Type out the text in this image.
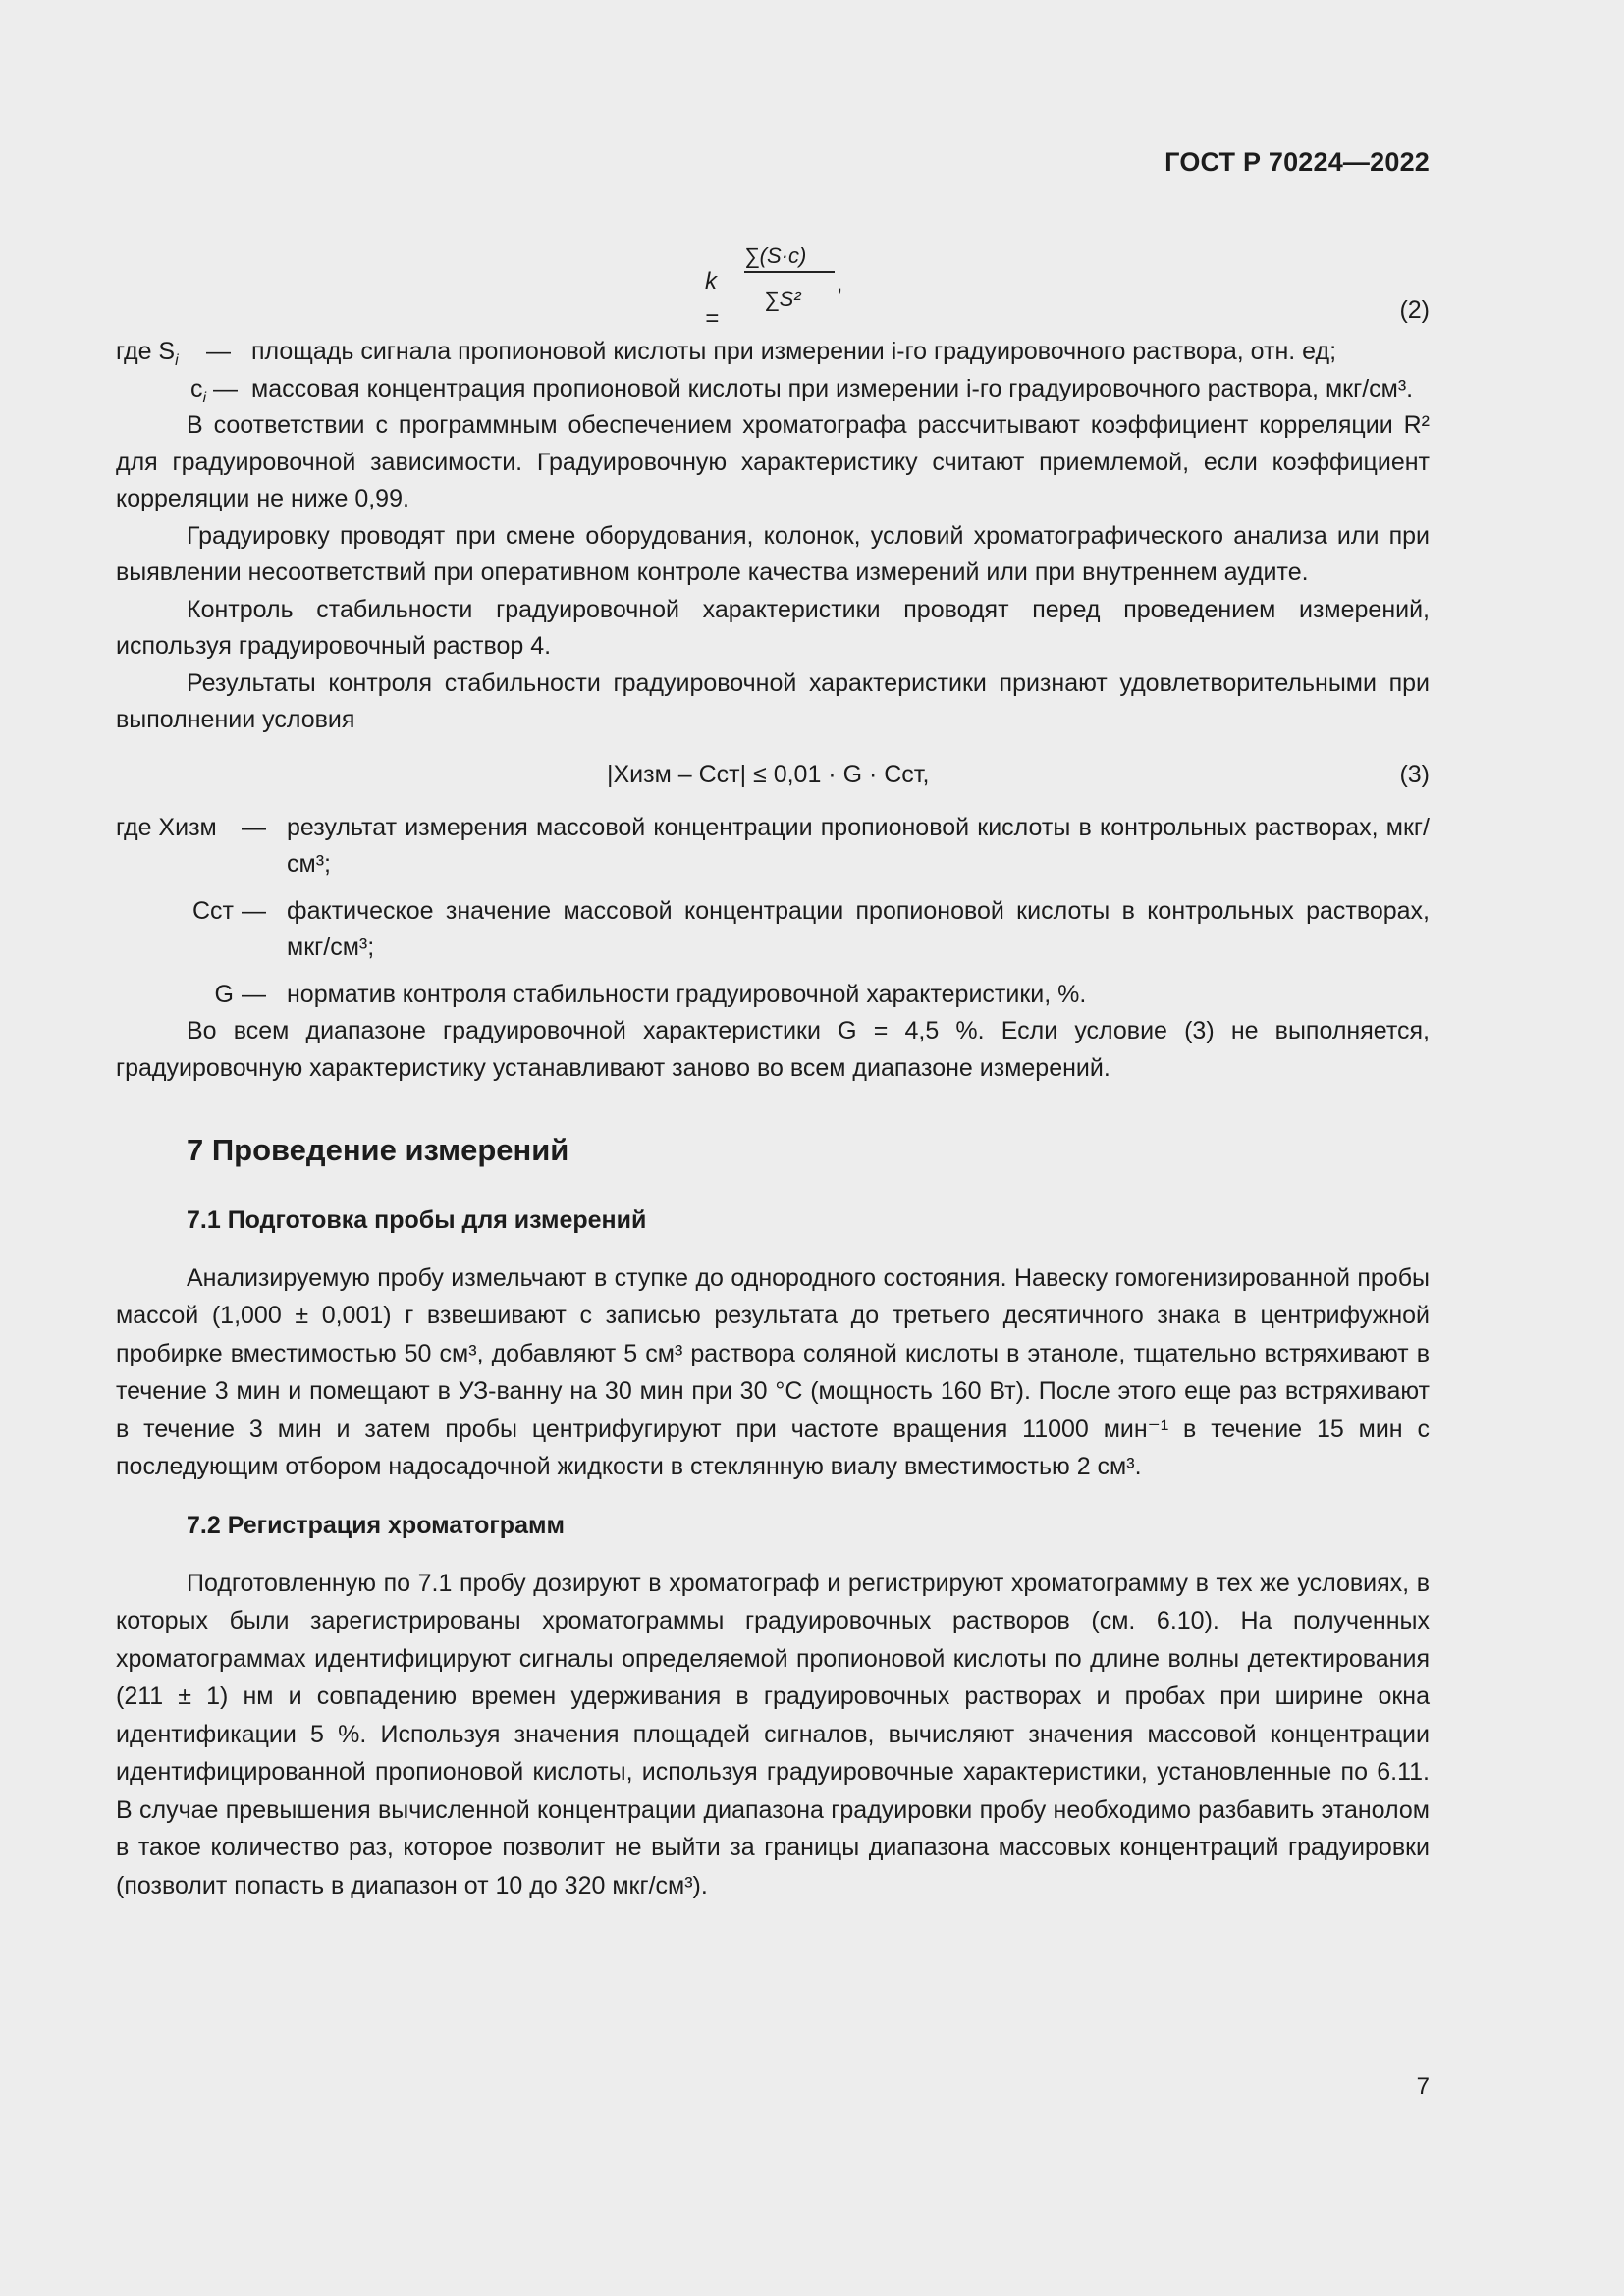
ГОСТ Р 70224—2022
k =
∑(S·c)
∑S²
,
(2)
где $S_i$	— площадь сигнала пропионовой кислоты при измерении i-го градуировочного раствора, отн. ед;
$c_i$ — массовая концентрация пропионовой кислоты при измерении i-го градуировочного раствора, мкг/см³.

В соответствии с программным обеспечением хроматографа рассчитывают коэффициент корреляции R² для градуировочной зависимости. Градуировочную характеристику считают приемлемой, если коэффициент корреляции не ниже 0,99.

Градуировку проводят при смене оборудования, колонок, условий хроматографического анализа или при выявлении несоответствий при оперативном контроле качества измерений или при внутреннем аудите.

Контроль стабильности градуировочной характеристики проводят перед проведением измерений, используя градуировочный раствор 4.

Результаты контроля стабильности градуировочной характеристики признают удовлетворительными при выполнении условия

|Xизм – Cст| ≤ 0,01 · G · Cст,	(3)
где Xизм	— результат измерения массовой концентрации пропионовой кислоты в контрольных растворах, мкг/см³;
Cст — фактическое значение массовой концентрации пропионовой кислоты в контрольных растворах, мкг/см³;
G — норматив контроля стабильности градуировочной характеристики, %.

Во всем диапазоне градуировочной характеристики G = 4,5 %. Если условие (3) не выполняется, градуировочную характеристику устанавливают заново во всем диапазоне измерений.

7 Проведение измерений
7.1 Подготовка пробы для измерений

Анализируемую пробу измельчают в ступке до однородного состояния. Навеску гомогенизированной пробы массой (1,000 ± 0,001) г взвешивают с записью результата до третьего десятичного знака в центрифужной пробирке вместимостью 50 см³, добавляют 5 см³ раствора соляной кислоты в этаноле, тщательно встряхивают в течение 3 мин и помещают в УЗ-ванну на 30 мин при 30 °С (мощность 160 Вт). После этого еще раз встряхивают в течение 3 мин и затем пробы центрифугируют при частоте вращения 11000 мин⁻¹ в течение 15 мин с последующим отбором надосадочной жидкости в стеклянную виалу вместимостью 2 см³.

7.2 Регистрация хроматограмм

Подготовленную по 7.1 пробу дозируют в хроматограф и регистрируют хроматограмму в тех же условиях, в которых были зарегистрированы хроматограммы градуировочных растворов (см. 6.10). На полученных хроматограммах идентифицируют сигналы определяемой пропионовой кислоты по длине волны детектирования (211 ± 1) нм и совпадению времен удерживания в градуировочных растворах и пробах при ширине окна идентификации 5 %. Используя значения площадей сигналов, вычисляют значения массовой концентрации идентифицированной пропионовой кислоты, используя градуировочные характеристики, установленные по 6.11. В случае превышения вычисленной концентрации диапазона градуировки пробу необходимо разбавить этанолом в такое количество раз, которое позволит не выйти за границы диапазона массовых концентраций градуировки (позволит попасть в диапазон от 10 до 320 мкг/см³).

7
